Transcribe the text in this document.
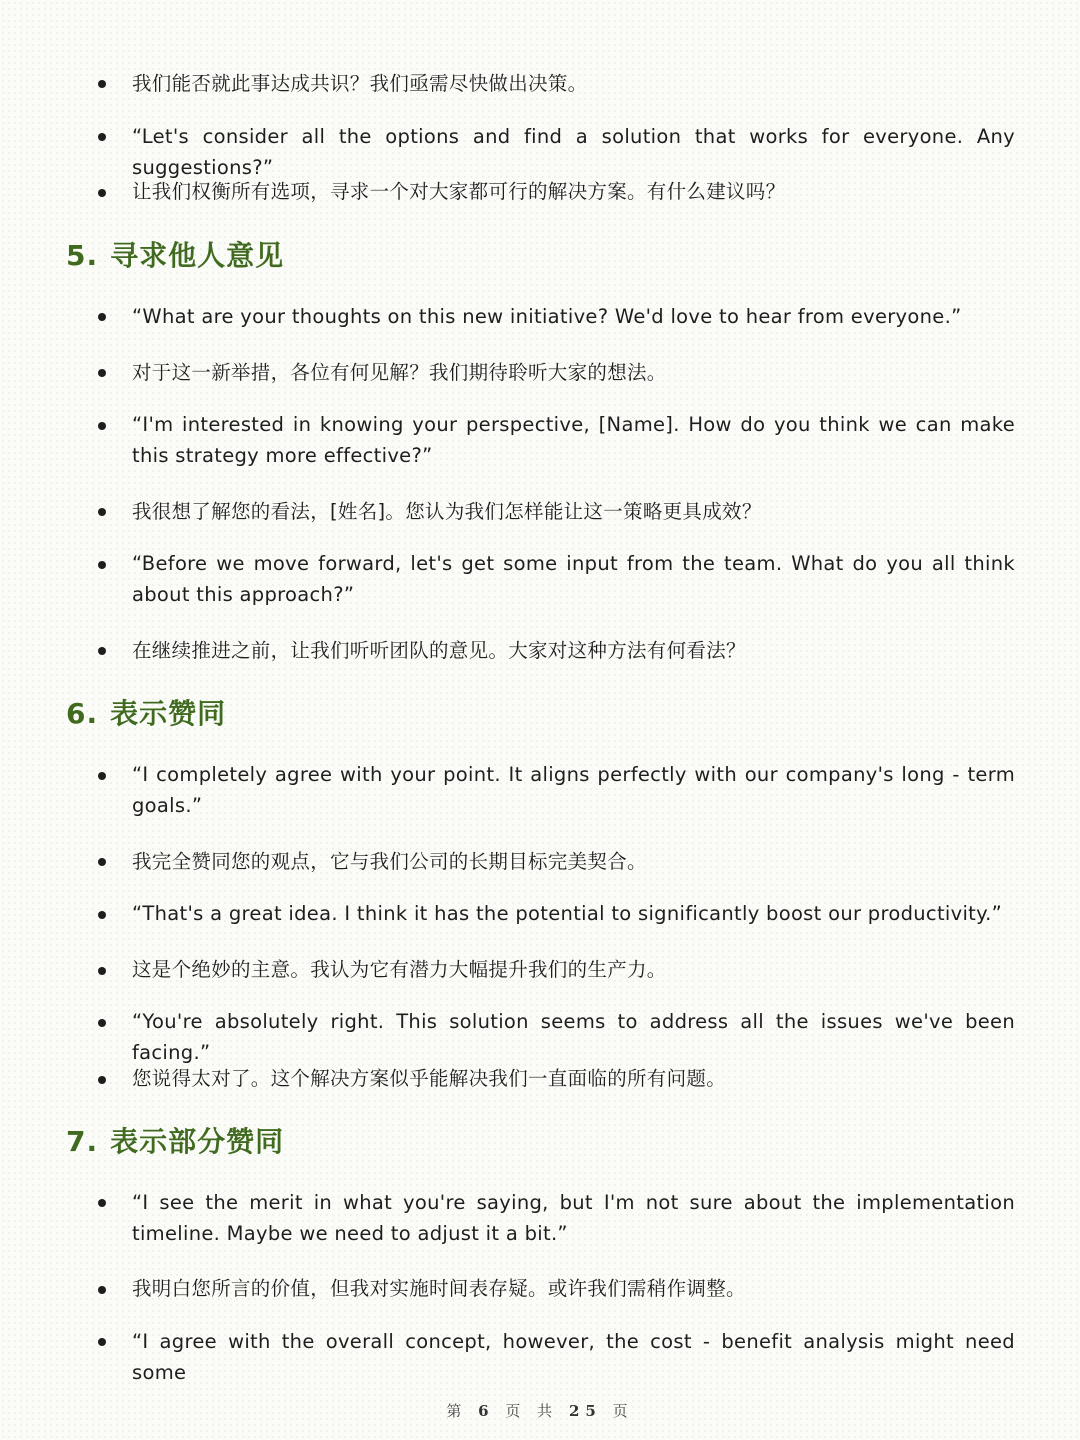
我们能否就此事达成共识？我们亟需尽快做出决策。
“Let's consider all the options and find a solution that works for everyone. Any suggestions?”
让我们权衡所有选项，寻求一个对大家都可行的解决方案。有什么建议吗？
5. 寻求他人意见
“What are your thoughts on this new initiative? We'd love to hear from everyone.”
对于这一新举措，各位有何见解？我们期待聆听大家的想法。
“I'm interested in knowing your perspective, [Name]. How do you think we can make this strategy more effective?”
我很想了解您的看法，[姓名]。您认为我们怎样能让这一策略更具成效？
“Before we move forward, let's get some input from the team. What do you all think about this approach?”
在继续推进之前，让我们听听团队的意见。大家对这种方法有何看法？
6. 表示赞同
“I completely agree with your point. It aligns perfectly with our company's long - term goals.”
我完全赞同您的观点，它与我们公司的长期目标完美契合。
“That's a great idea. I think it has the potential to significantly boost our productivity.”
这是个绝妙的主意。我认为它有潜力大幅提升我们的生产力。
“You're absolutely right. This solution seems to address all the issues we've been facing.”
您说得太对了。这个解决方案似乎能解决我们一直面临的所有问题。
7. 表示部分赞同
“I see the merit in what you're saying, but I'm not sure about the implementation timeline. Maybe we need to adjust it a bit.”
我明白您所言的价值，但我对实施时间表存疑。或许我们需稍作调整。
“I agree with the overall concept, however, the cost - benefit analysis might need some
第 6 页 共 25 页
